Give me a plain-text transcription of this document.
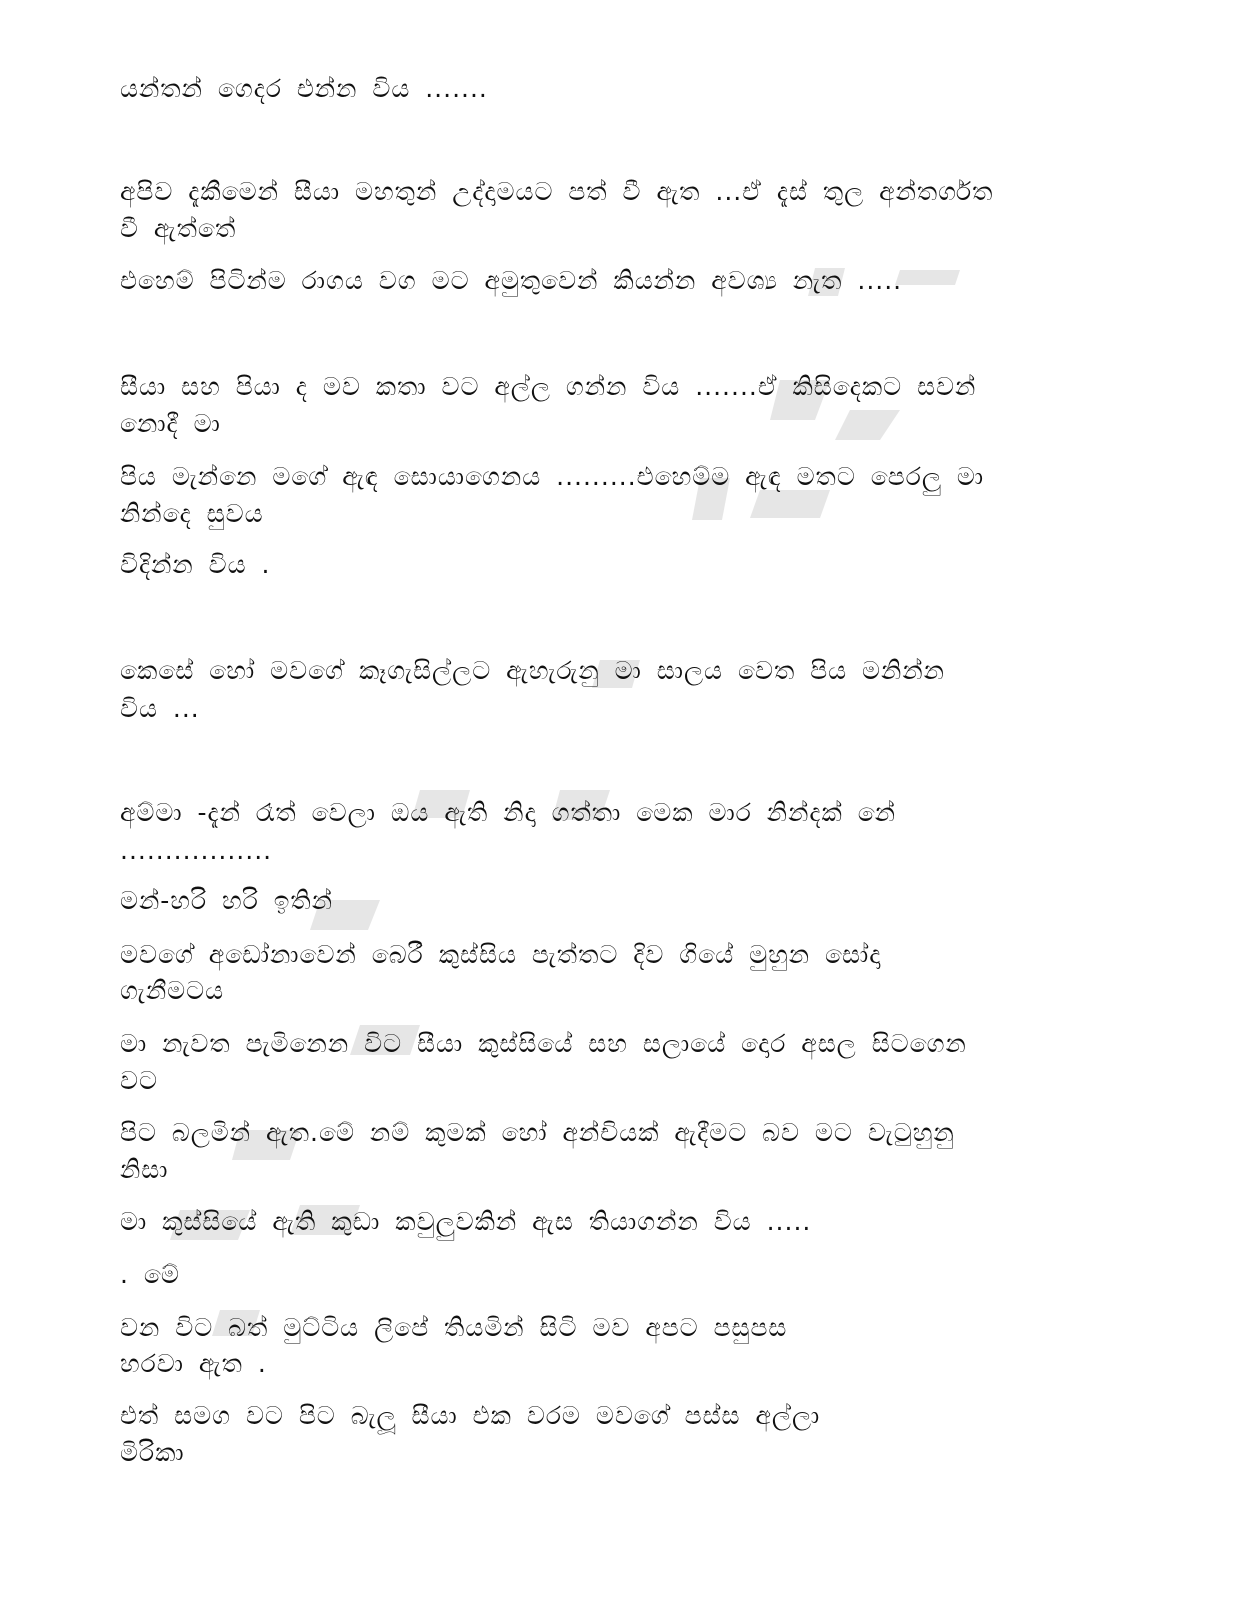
යන්තන් ගෙදර එන්න විය .......
අපිව දැකීමෙන් සීයා මහතුන් උද්දාමයට පත් වී ඇත ...ඒ දැස් තුල අන්තර්ගත
වී ඇත්තේ
එහෙම් පිටින්ම රාගය වග මට අමුතුවෙන් කියන්න අවශ්‍ය නැත .....
සීයා සහ පියා ද මව කතා වට අල්ල ගන්න විය .......ඒ කිසිදෙකට සවන්
නොදී මා
පිය මැන්නෙ මගේ ඇඳ සොයාගෙනය .........එහෙම්ම ඇඳ මතට පෙරලු මා
නින්දෙ සුවය
විදින්න විය .
කෙසේ හෝ මවගේ කෑගැසිල්ලට ඇහැරුනු මා සාලය වෙත පිය මනින්න
විය ...
අම්මා -දැන් රෑත් වෙලා ඔය ඇති නිදා ගත්තා මෙක මාර නින්දක් නේ
.................
මන්-හරි හරි ඉතින්
මවගේ අඩෝනාවෙන් බෙරී කුස්සිය පැත්තට දිව ගියේ මුහුන සෝදා
ගැනීමටය
මා නැවත පැමිනෙන විට සීයා කුස්සියේ සහ සලායේ දොර අසල සිටගෙන
වට
පිට බලමින් ඇත.මේ නම් කුමක් හෝ අන්චියක් ඇදීමට බව මට වැටුහුනු
නිසා
මා කුස්සියේ ඇති කුඩා කවුලුවකින් ඇස තියාගන්න විය .....
. මේ
වන විට බත් මුට්ටිය ලිපේ තියමින් සිටි මව අපට පසුපස
හරවා ඇත .
එත් සමග වට පිට බැලූ සීයා එක වරම මවගේ පස්ස අල්ලා
මිරිකා
